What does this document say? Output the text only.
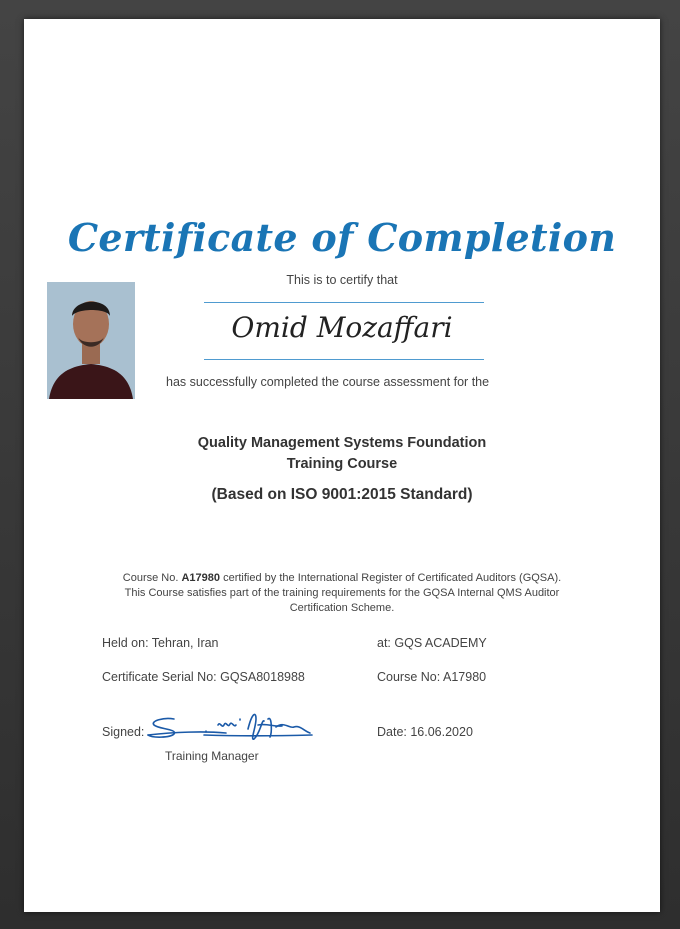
Certificate of Completion
This is to certify that
Omid Mozaffari
has successfully completed the course assessment for the
Quality Management Systems Foundation
Training Course
(Based on ISO 9001:2015 Standard)
Course No. A17980 certified by the International Register of Certificated Auditors (GQSA).
This Course satisfies part of the training requirements for the GQSA Internal QMS Auditor
Certification Scheme.
Held on: Tehran, Iran	at: GQS ACADEMY
Certificate Serial No: GQSA8018988	Course No: A17980
Signed:
Training Manager
Date: 16.06.2020
